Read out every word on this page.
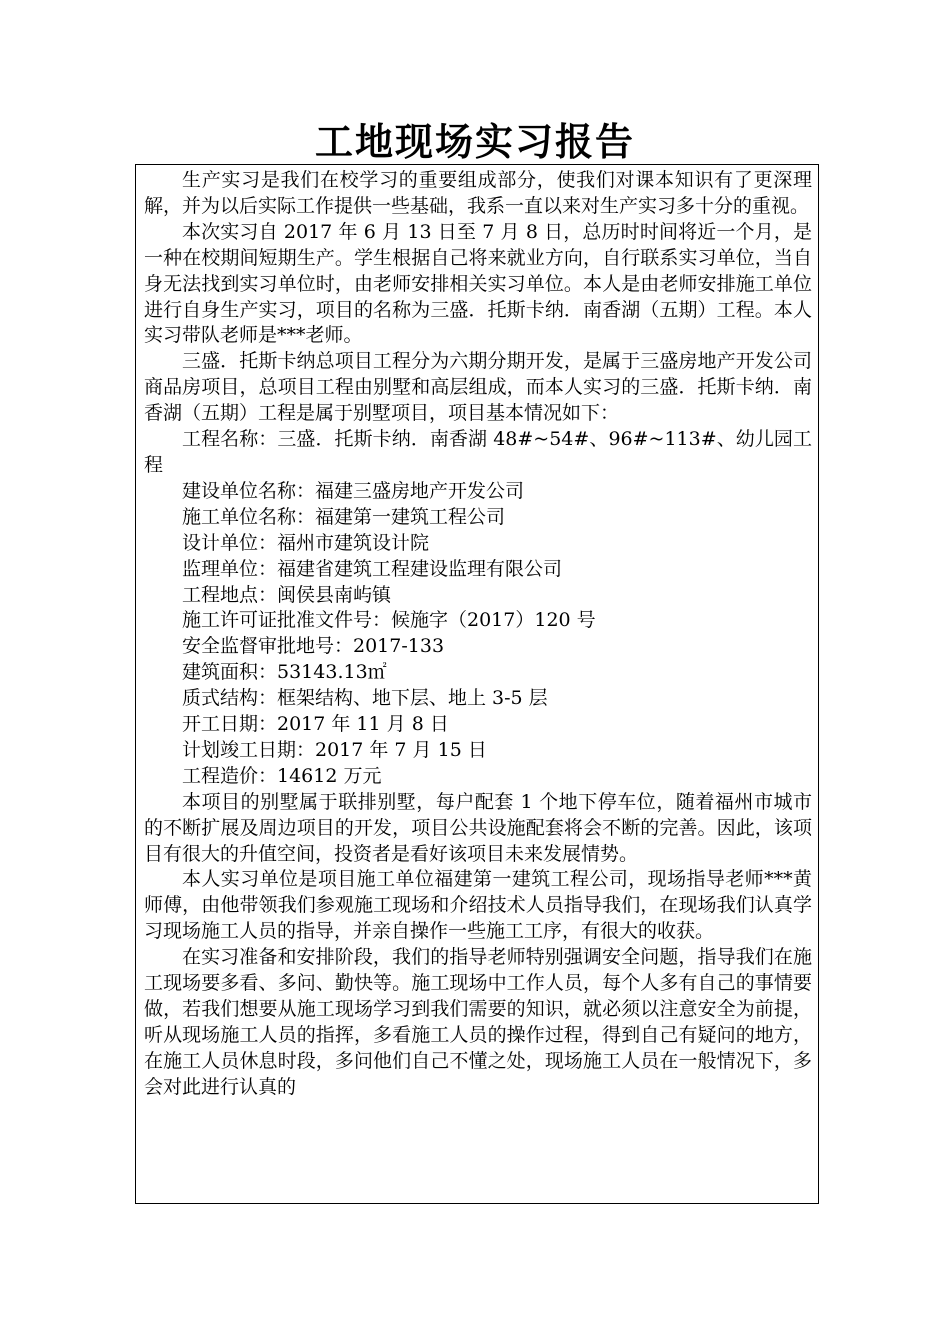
工地现场实习报告

生产实习是我们在校学习的重要组成部分，使我们对课本知识有了更深理解，并为以后实际工作提供一些基础，我系一直以来对生产实习多十分的重视。

本次实习自 2017 年 6 月 13 日至 7 月 8 日，总历时时间将近一个月，是一种在校期间短期生产。学生根据自己将来就业方向，自行联系实习单位，当自身无法找到实习单位时，由老师安排相关实习单位。本人是由老师安排施工单位进行自身生产实习，项目的名称为三盛．托斯卡纳．南香湖（五期）工程。本人实习带队老师是***老师。

三盛．托斯卡纳总项目工程分为六期分期开发，是属于三盛房地产开发公司商品房项目，总项目工程由别墅和高层组成，而本人实习的三盛．托斯卡纳．南香湖（五期）工程是属于别墅项目，项目基本情况如下：

工程名称：三盛．托斯卡纳．南香湖 48#~54#、96#~113#、幼儿园工程

建设单位名称：福建三盛房地产开发公司

施工单位名称：福建第一建筑工程公司

设计单位：福州市建筑设计院

监理单位：福建省建筑工程建设监理有限公司

工程地点：闽侯县南屿镇

施工许可证批准文件号：候施字（2017）120 号

安全监督审批地号：2017-133

建筑面积：53143.13㎡

质式结构：框架结构、地下层、地上 3-5 层

开工日期：2017 年 11 月 8 日

计划竣工日期：2017 年 7 月 15 日

工程造价：14612 万元

本项目的别墅属于联排别墅，每户配套 1 个地下停车位，随着福州市城市的不断扩展及周边项目的开发，项目公共设施配套将会不断的完善。因此，该项目有很大的升值空间，投资者是看好该项目未来发展情势。

本人实习单位是项目施工单位福建第一建筑工程公司，现场指导老师***黄师傅，由他带领我们参观施工现场和介绍技术人员指导我们，在现场我们认真学习现场施工人员的指导，并亲自操作一些施工工序，有很大的收获。

在实习准备和安排阶段，我们的指导老师特别强调安全问题，指导我们在施工现场要多看、多问、勤快等。施工现场中工作人员，每个人多有自己的事情要做，若我们想要从施工现场学习到我们需要的知识，就必须以注意安全为前提，听从现场施工人员的指挥，多看施工人员的操作过程，得到自己有疑问的地方，在施工人员休息时段，多问他们自己不懂之处，现场施工人员在一般情况下，多会对此进行认真的
